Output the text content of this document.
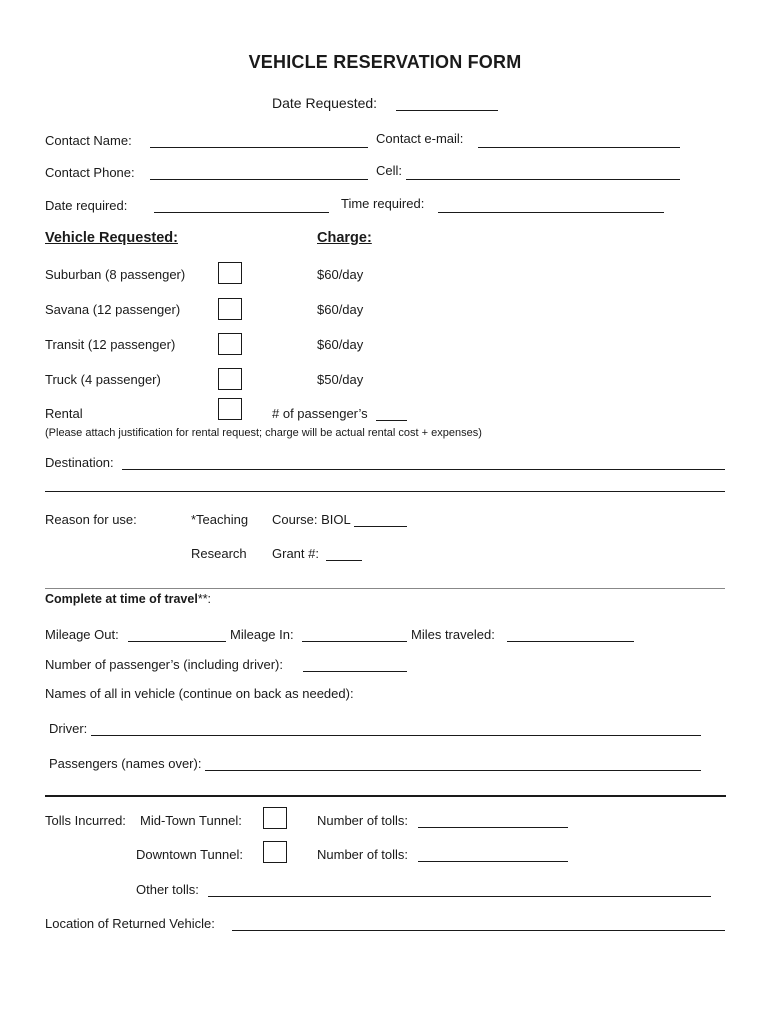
VEHICLE RESERVATION FORM
Date Requested:
Contact Name:	Contact e-mail:
Contact Phone:	Cell:
Date required:	Time required:
Vehicle Requested:	Charge:
Suburban (8 passenger)	$60/day
Savana (12 passenger)	$60/day
Transit (12 passenger)	$60/day
Truck (4 passenger)	$50/day
Rental	# of passenger’s
(Please attach justification for rental request; charge will be actual rental cost + expenses)
Destination:
Reason for use:	*Teaching Course: BIOL
Research Grant #:
Complete at time of travel**:
Mileage Out:	Mileage In:	Miles traveled:
Number of passenger’s (including driver):
Names of all in vehicle (continue on back as needed):
Driver:
Passengers (names over):
Tolls Incurred: Mid-Town Tunnel:	Number of tolls:
Downtown Tunnel:	Number of tolls:
Other tolls:
Location of Returned Vehicle:
